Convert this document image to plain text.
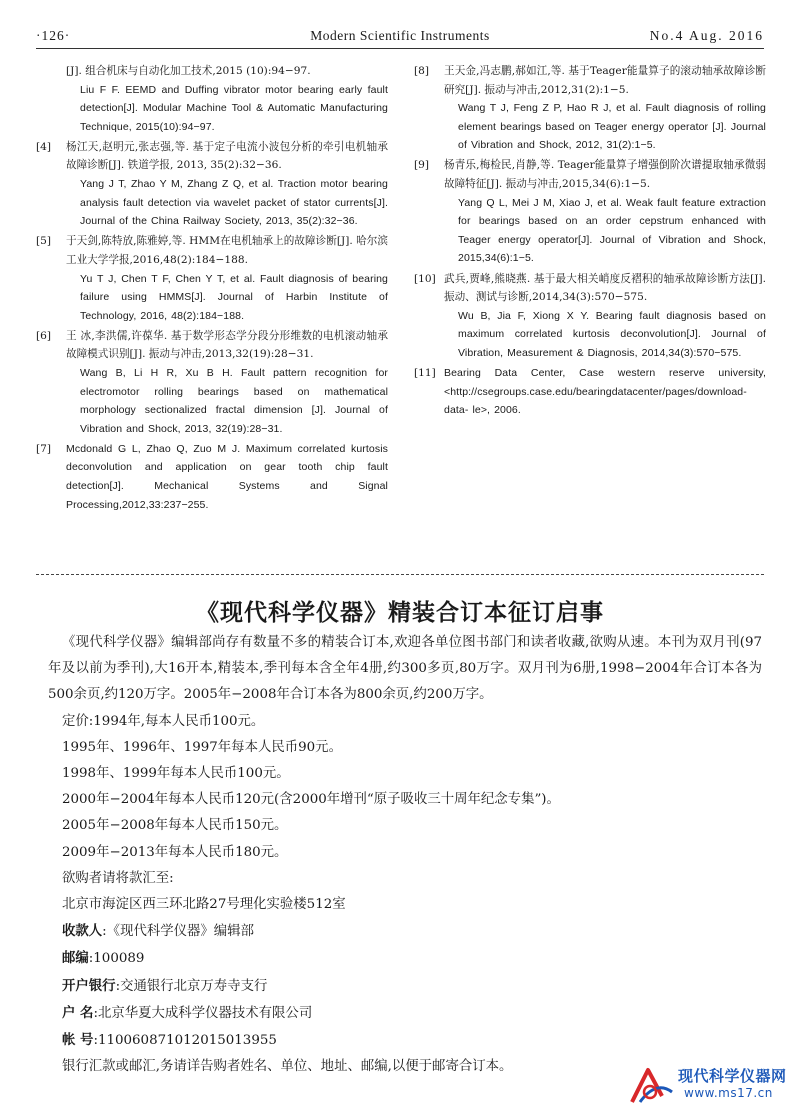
·126·	Modern Scientific Instruments	No.4 Aug. 2016
[J]. 组合机床与自动化加工技术,2015 (10):94−97.
Liu F F. EEMD and Duffing vibrator motor bearing early fault detection[J]. Modular Machine Tool & Automatic Manufacturing Technique, 2015(10):94−97.
[4]	杨江天,赵明元,张志强,等. 基于定子电流小波包分析的牵引电机轴承故障诊断[J]. 铁道学报, 2013, 35(2):32−36.
Yang J T, Zhao Y M, Zhang Z Q, et al. Traction motor bearing analysis fault detection via wavelet packet of stator currents[J]. Journal of the China Railway Society, 2013, 35(2):32−36.
[5]	于天剑,陈特放,陈雅婷,等. HMM在电机轴承上的故障诊断[J]. 哈尔滨工业大学学报,2016,48(2):184−188.
Yu T J, Chen T F, Chen Y T, et al. Fault diagnosis of bearing failure using HMMS[J]. Journal of Harbin Institute of Technology, 2016, 48(2):184−188.
[6]	王 冰,李洪儒,许葆华. 基于数学形态学分段分形维数的电机滚动轴承故障模式识别[J]. 振动与冲击,2013,32(19):28−31.
Wang B, Li H R, Xu B H. Fault pattern recognition for electromotor rolling bearings based on mathematical morphology sectionalized fractal dimension [J]. Journal of Vibration and Shock, 2013, 32(19):28−31.
[7]	Mcdonald G L, Zhao Q, Zuo M J. Maximum correlated kurtosis deconvolution and application on gear tooth chip fault detection[J]. Mechanical Systems and Signal Processing,2012,33:237−255.
[8]	王天金,冯志鹏,郝如江,等. 基于Teager能量算子的滚动轴承故障诊断研究[J]. 振动与冲击,2012,31(2):1−5.
Wang T J, Feng Z P, Hao R J, et al. Fault diagnosis of rolling element bearings based on Teager energy operator [J]. Journal of Vibration and Shock, 2012, 31(2):1−5.
[9]	杨青乐,梅检民,肖静,等. Teager能量算子增强倒阶次谱提取轴承微弱故障特征[J]. 振动与冲击,2015,34(6):1−5.
Yang Q L, Mei J M, Xiao J, et al. Weak fault feature extraction for bearings based on an order cepstrum enhanced with Teager energy operator[J]. Journal of Vibration and Shock, 2015,34(6):1−5.
[10] 武兵,贾峰,熊晓燕. 基于最大相关峭度反褶积的轴承故障诊断方法[J]. 振动、测试与诊断,2014,34(3):570−575.
Wu B, Jia F, Xiong X Y. Bearing fault diagnosis based on maximum correlated kurtosis deconvolution[J]. Journal of Vibration, Measurement & Diagnosis, 2014,34(3):570−575.
[11] Bearing Data Center, Case western reserve university, <http://csegroups.case.edu/bearingdatacenter/pages/download-data- le>, 2006.
《现代科学仪器》精装合订本征订启事

《现代科学仪器》编辑部尚存有数量不多的精装合订本,欢迎各单位图书部门和读者收藏,欲购从速。本刊为双月刊(97年及以前为季刊),大16开本,精装本,季刊每本含全年4册,约300多页,80万字。双月刊为6册,1998−2004年合订本各为500余页,约120万字。2005年−2008年合订本各为800余页,约200万字。

定价:1994年,每本人民币100元。

1995年、1996年、1997年每本人民币90元。

1998年、1999年每本人民币100元。

2000年−2004年每本人民币120元(含2000年增刊“原子吸收三十周年纪念专集”)。

2005年−2008年每本人民币150元。

2009年−2013年每本人民币180元。

欲购者请将款汇至:

北京市海淀区西三环北路27号理化实验楼512室

收款人:《现代科学仪器》编辑部

邮编:100089

开户银行:交通银行北京万寿寺支行

户 名:北京华夏大成科学仪器技术有限公司

帐 号:110060871012015013955

银行汇款或邮汇,务请详告购者姓名、单位、地址、邮编,以便于邮寄合订本。

现代科学仪器网
www.ms17.cn
